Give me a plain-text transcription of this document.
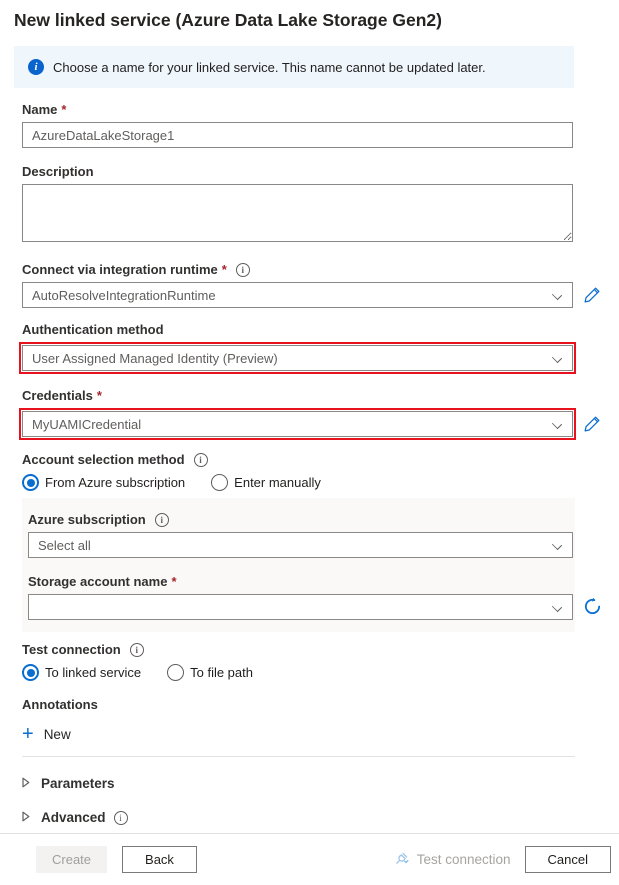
New linked service (Azure Data Lake Storage Gen2)
i	Choose a name for your linked service. This name cannot be updated later.
Name *
AzureDataLakeStorage1
Description
Connect via integration runtime *	i
AutoResolveIntegrationRuntime
Authentication method
User Assigned Managed Identity (Preview)
Credentials *
MyUAMICredential
Account selection method	i
From Azure subscription	Enter manually
Azure subscription	i
Select all
Storage account name *
Test connection	i
To linked service	To file path
Annotations
+ New
Parameters
Advanced	i
Create	Back	Test connection	Cancel
